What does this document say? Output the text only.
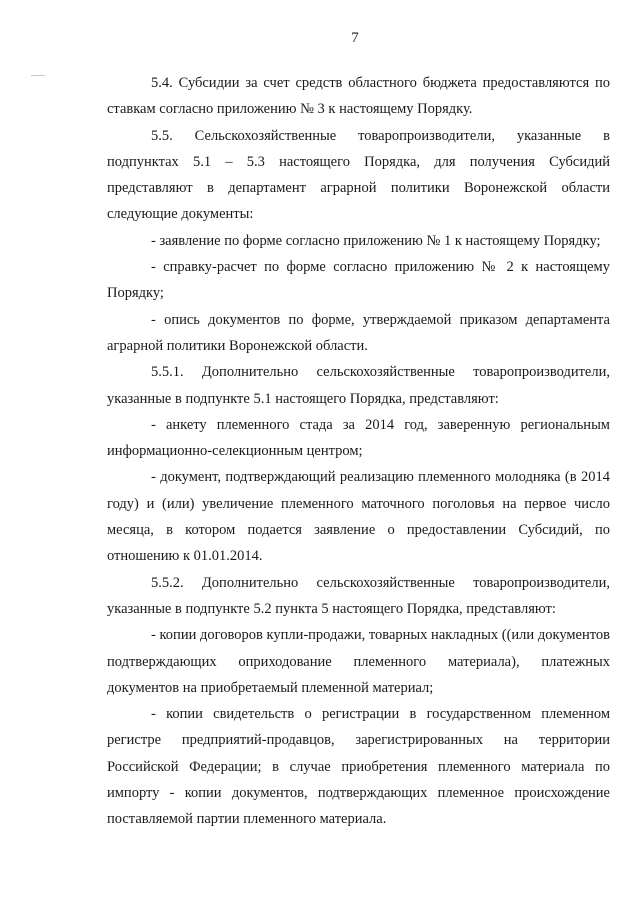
7

5.4. Субсидии за счет средств областного бюджета предоставляются по ставкам согласно приложению № 3 к настоящему Порядку.

5.5. Сельскохозяйственные товаропроизводители, указанные в подпунктах 5.1 – 5.3 настоящего Порядка, для получения Субсидий представляют в департамент аграрной политики Воронежской области следующие документы:

- заявление по форме согласно приложению № 1 к настоящему Порядку;

- справку-расчет по форме согласно приложению № 2 к настоящему Порядку;

- опись документов по форме, утверждаемой приказом департамента аграрной политики Воронежской области.

5.5.1. Дополнительно сельскохозяйственные товаропроизводители, указанные в подпункте 5.1 настоящего Порядка, представляют:

- анкету племенного стада за 2014 год, заверенную региональным информационно-селекционным центром;

- документ, подтверждающий реализацию племенного молодняка (в 2014 году) и (или) увеличение племенного маточного поголовья на первое число месяца, в котором подается заявление о предоставлении Субсидий, по отношению к 01.01.2014.

5.5.2. Дополнительно сельскохозяйственные товаропроизводители, указанные в подпункте 5.2 пункта 5 настоящего Порядка, представляют:

- копии договоров купли-продажи, товарных накладных ((или документов подтверждающих оприходование племенного материала), платежных документов на приобретаемый племенной материал;

- копии свидетельств о регистрации в государственном племенном регистре предприятий-продавцов, зарегистрированных на территории Российской Федерации; в случае приобретения племенного материала по импорту - копии документов, подтверждающих племенное происхождение поставляемой партии племенного материала.
